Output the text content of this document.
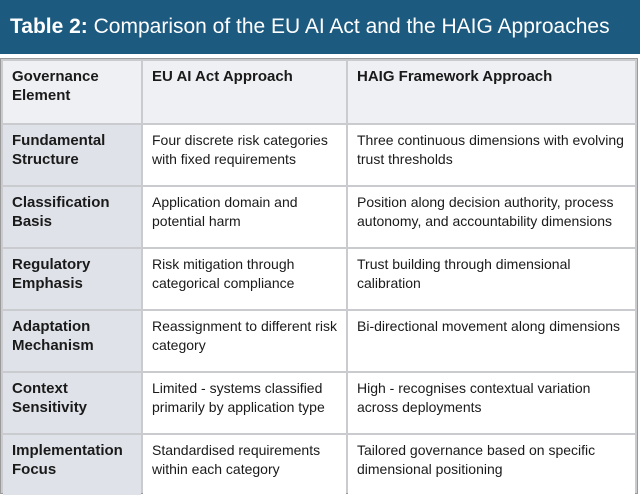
Table 2: Comparison of the EU AI Act and the HAIG Approaches
Governance Element	EU AI Act Approach	HAIG Framework Approach
Fundamental Structure	Four discrete risk categories with fixed requirements	Three continuous dimensions with evolving trust thresholds
Classification Basis	Application domain and potential harm	Position along decision authority, process autonomy, and accountability dimensions
Regulatory Emphasis	Risk mitigation through categorical compliance	Trust building through dimensional calibration
Adaptation Mechanism	Reassignment to different risk category	Bi-directional movement along dimensions
Context Sensitivity	Limited - systems classified primarily by application type	High - recognises contextual variation across deployments
Implementation Focus	Standardised requirements within each category	Tailored governance based on specific dimensional positioning
